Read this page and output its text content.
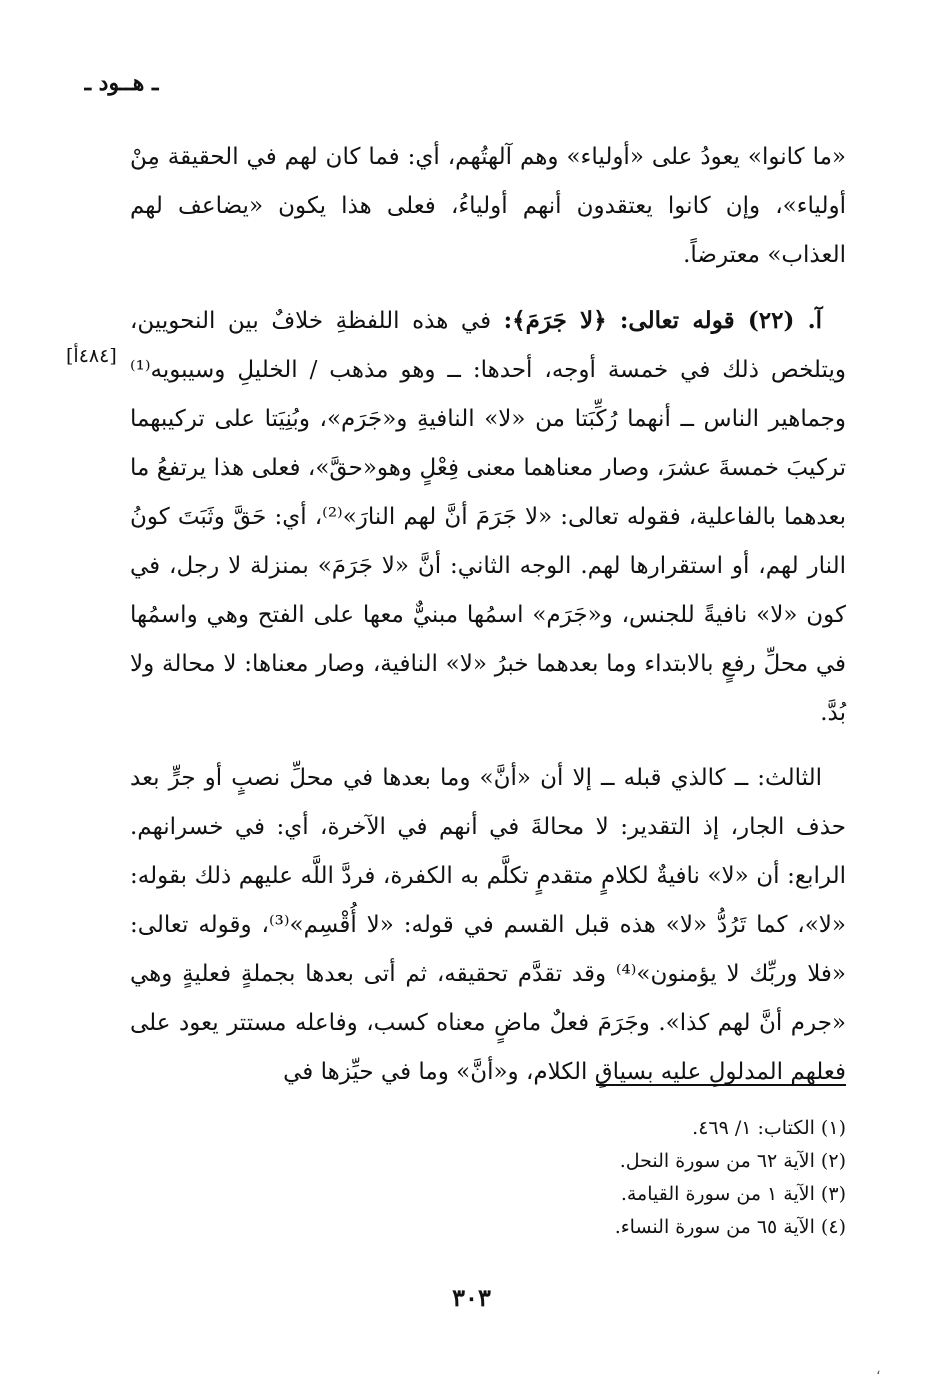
ـ هــود ـ
[٤٨٤أ]

«ما كانوا» يعودُ على «أولياء» وهم آلهتُهم، أي: فما كان لهم في الحقيقة مِنْ أولياء»، وإن كانوا يعتقدون أنهم أولياءُ، فعلى هذا يكون «يضاعف لهم العذاب» معترضاً.

آ. (٢٢) قوله تعالى: ﴿لا جَرَمَ﴾: في هذه اللفظةِ خلافٌ بين النحويين، ويتلخص ذلك في خمسة أوجه، أحدها: ــ وهو مذهب / الخليلِ وسيبويه⁽¹⁾ وجماهير الناس ــ أنهما رُكِّبَتا من «لا» النافيةِ و«جَرَم»، وبُنِيَتا على تركيبهما تركيبَ خمسةَ عشرَ، وصار معناهما معنى فِعْلٍ وهو«حقَّ»، فعلى هذا يرتفعُ ما بعدهما بالفاعلية، فقوله تعالى: «لا جَرَمَ أنَّ لهم النارَ»⁽²⁾، أي: حَقَّ وثَبَتَ كونُ النار لهم، أو استقرارها لهم. الوجه الثاني: أنَّ «لا جَرَمَ» بمنزلة لا رجل، في كون «لا» نافيةً للجنس، و«جَرَم» اسمُها مبنيٌّ معها على الفتح وهي واسمُها في محلِّ رفعٍ بالابتداء وما بعدهما خبرُ «لا» النافية، وصار معناها: لا محالة ولا بُدَّ.

الثالث: ــ كالذي قبله ــ إلا أن «أنَّ» وما بعدها في محلِّ نصبٍ أو جرٍّ بعد حذف الجار، إذ التقدير: لا محالةَ في أنهم في الآخرة، أي: في خسرانهم. الرابع: أن «لا» نافيةٌ لكلامٍ متقدمٍ تكلَّم به الكفرة، فردَّ اللَّه عليهم ذلك بقوله: «لا»، كما تَرُدُّ «لا» هذه قبل القسم في قوله: «لا أُقْسِم»⁽³⁾، وقوله تعالى: «فلا وربِّك لا يؤمنون»⁽⁴⁾ وقد تقدَّم تحقيقه، ثم أتى بعدها بجملةٍ فعليةٍ وهي «جرم أنَّ لهم كذا». وجَرَمَ فعلٌ ماضٍ معناه كسب، وفاعله مستتر يعود على فعلهم المدلولِ عليه بسياقِ الكلام، و«أنَّ» وما في حيِّزها في

(١) الكتاب: ١/ ٤٦٩.

(٢) الآية ٦٢ من سورة النحل.

(٣) الآية ١ من سورة القيامة.

(٤) الآية ٦٥ من سورة النساء.

٣٠٣
،
